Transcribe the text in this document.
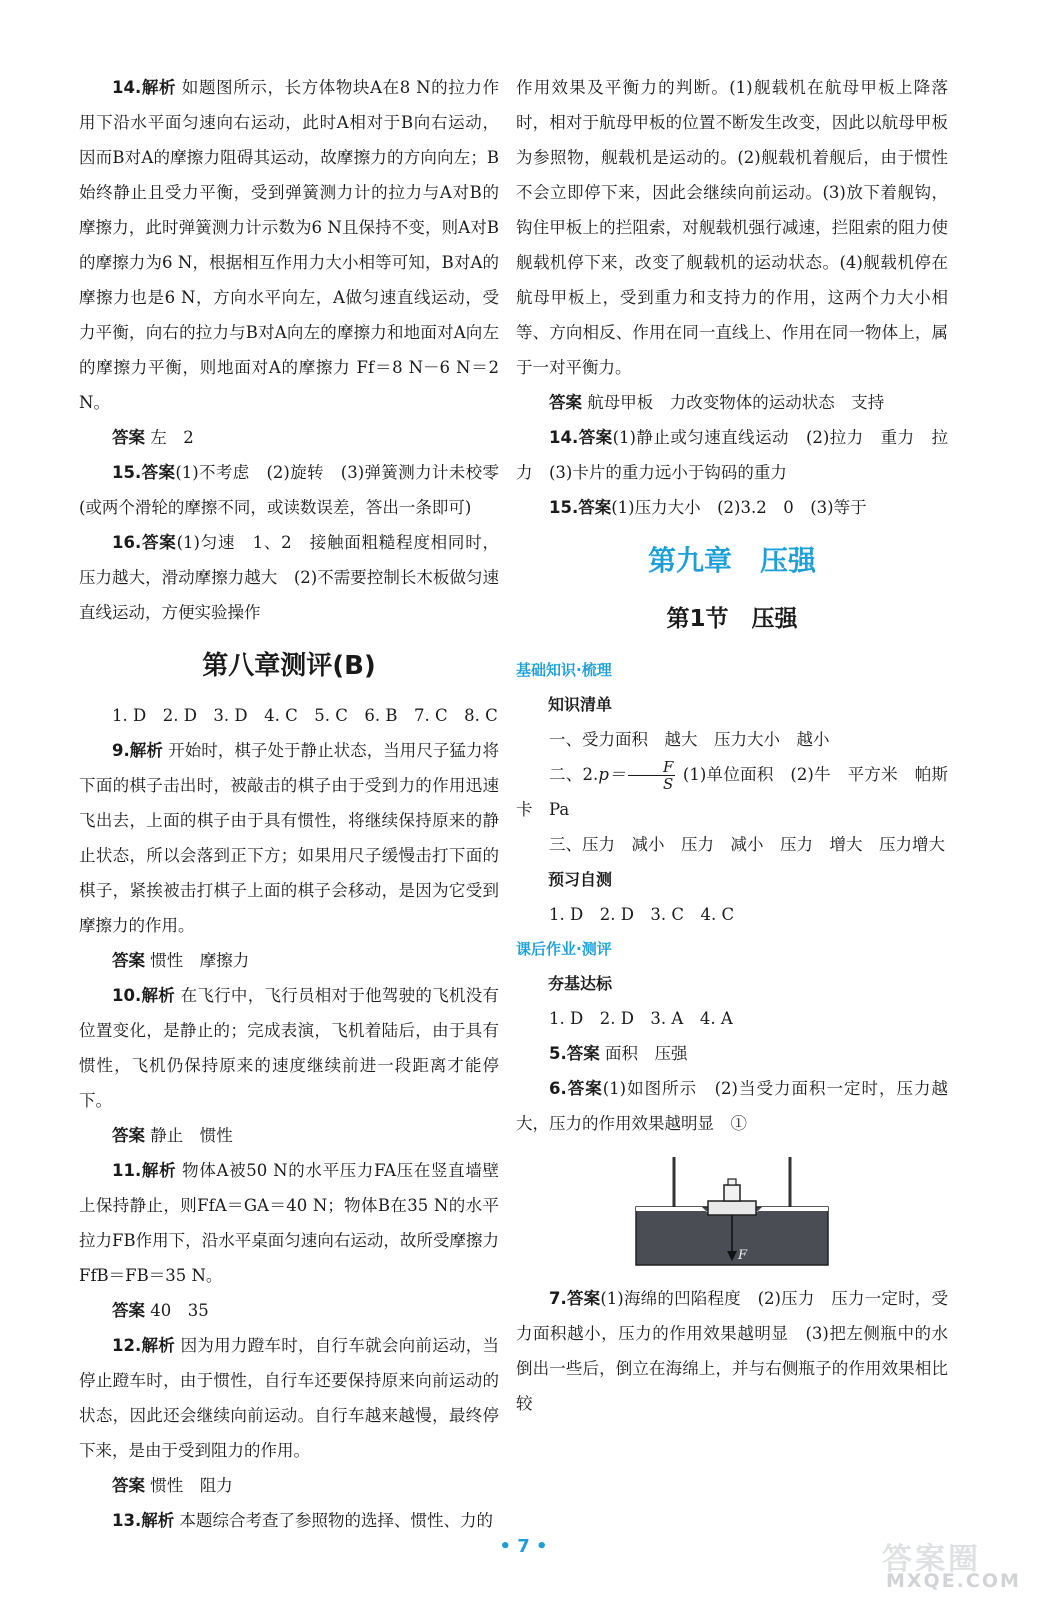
14.解析 如题图所示，长方体物块A在8 N的拉力作用下沿水平面匀速向右运动，此时A相对于B向右运动，因而B对A的摩擦力阻碍其运动，故摩擦力的方向向左；B始终静止且受力平衡，受到弹簧测力计的拉力与A对B的摩擦力，此时弹簧测力计示数为6 N且保持不变，则A对B的摩擦力为6 N，根据相互作用力大小相等可知，B对A的摩擦力也是6 N，方向水平向左，A做匀速直线运动，受力平衡，向右的拉力与B对A向左的摩擦力和地面对A向左的摩擦力平衡，则地面对A的摩擦力 Ff＝8 N－6 N＝2 N。

答案 左　2

15.答案(1)不考虑　(2)旋转　(3)弹簧测力计未校零(或两个滑轮的摩擦不同，或读数误差，答出一条即可)

16.答案(1)匀速　1、2　接触面粗糙程度相同时，压力越大，滑动摩擦力越大　(2)不需要控制长木板做匀速直线运动，方便实验操作

第八章测评(B)

1. D　2. D　3. D　4. C　5. C　6. B　7. C　8. C

9.解析 开始时，棋子处于静止状态，当用尺子猛力将下面的棋子击出时，被敲击的棋子由于受到力的作用迅速飞出去，上面的棋子由于具有惯性，将继续保持原来的静止状态，所以会落到正下方；如果用尺子缓慢击打下面的棋子，紧挨被击打棋子上面的棋子会移动，是因为它受到摩擦力的作用。

答案 惯性　摩擦力

10.解析 在飞行中，飞行员相对于他驾驶的飞机没有位置变化，是静止的；完成表演，飞机着陆后，由于具有惯性，飞机仍保持原来的速度继续前进一段距离才能停下。

答案 静止　惯性

11.解析 物体A被50 N的水平压力FA压在竖直墙壁上保持静止，则FfA＝GA＝40 N；物体B在35 N的水平拉力FB作用下，沿水平桌面匀速向右运动，故所受摩擦力FfB＝FB＝35 N。

答案 40　35

12.解析 因为用力蹬车时，自行车就会向前运动，当停止蹬车时，由于惯性，自行车还要保持原来向前运动的状态，因此还会继续向前运动。自行车越来越慢，最终停下来，是由于受到阻力的作用。

答案 惯性　阻力

13.解析 本题综合考查了参照物的选择、惯性、力的

作用效果及平衡力的判断。(1)舰载机在航母甲板上降落时，相对于航母甲板的位置不断发生改变，因此以航母甲板为参照物，舰载机是运动的。(2)舰载机着舰后，由于惯性不会立即停下来，因此会继续向前运动。(3)放下着舰钩，钩住甲板上的拦阻索，对舰载机强行减速，拦阻索的阻力使舰载机停下来，改变了舰载机的运动状态。(4)舰载机停在航母甲板上，受到重力和支持力的作用，这两个力大小相等、方向相反、作用在同一直线上、作用在同一物体上，属于一对平衡力。

答案 航母甲板　力改变物体的运动状态　支持

14.答案(1)静止或匀速直线运动　(2)拉力　重力　拉力　(3)卡片的重力远小于钩码的重力

15.答案(1)压力大小　(2)3.2　0　(3)等于

第九章　压强
第1节　压强
基础知识·梳理
知识清单

一、受力面积　越大　压力大小　越小

二、$2.p= \frac{F}{S} (1)$单位面积　(2)牛　平方米　帕斯卡　Pa

三、压力　减小　压力　减小　压力　增大　压力增大

预习自测

1. D　2. D　3. C　4. C

课后作业·测评
夯基达标

1. D　2. D　3. A　4. A

5.答案 面积　压强

6.答案(1)如图所示　(2)当受力面积一定时，压力越大，压力的作用效果越明显　①

F

7.答案(1)海绵的凹陷程度　(2)压力　压力一定时，受力面积越小，压力的作用效果越明显　(3)把左侧瓶中的水倒出一些后，倒立在海绵上，并与右侧瓶子的作用效果相比较

• 7 •	答案圈
MXQE.COM
